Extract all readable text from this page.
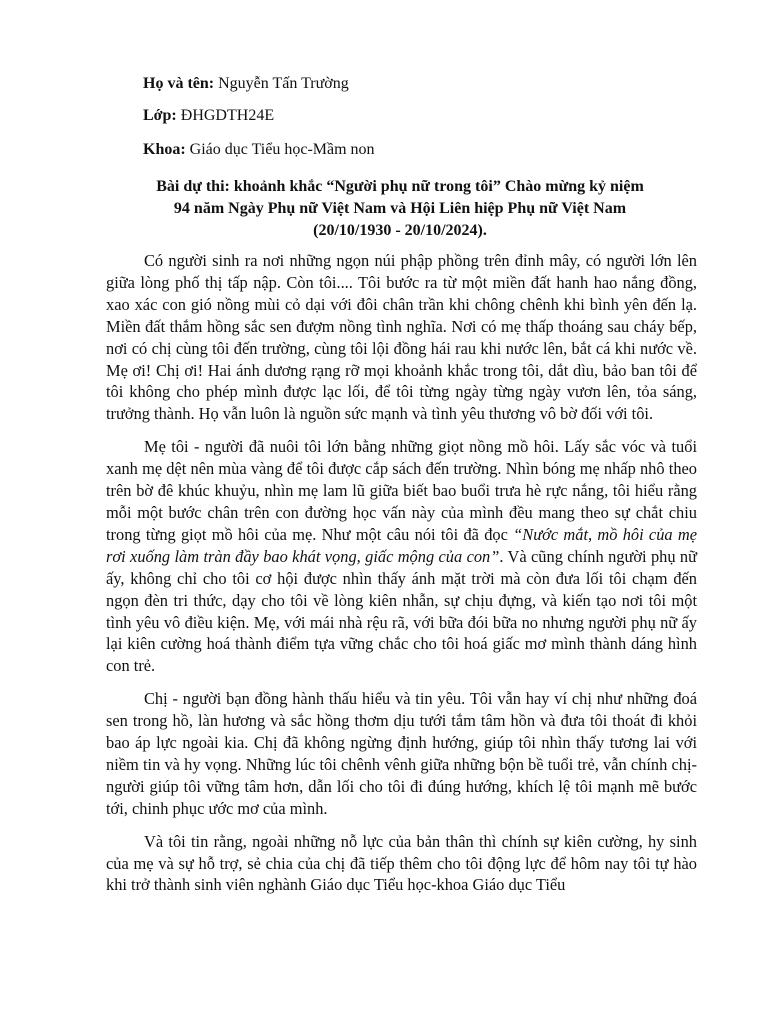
Họ và tên: Nguyễn Tấn Trường
Lớp: ĐHGDTH24E
Khoa: Giáo dục Tiểu học-Mầm non
Bài dự thi: khoảnh khắc “Người phụ nữ trong tôi” Chào mừng kỷ niệm
94 năm Ngày Phụ nữ Việt Nam và Hội Liên hiệp Phụ nữ Việt Nam
(20/10/1930 - 20/10/2024).

Có người sinh ra nơi những ngọn núi phập phồng trên đỉnh mây, có người lớn lên giữa lòng phố thị tấp nập. Còn tôi.... Tôi bước ra từ một miền đất hanh hao nắng đồng, xao xác con gió nồng mùi cỏ dại với đôi chân trần khi chông chênh khi bình yên đến lạ. Miền đất thắm hồng sắc sen đượm nồng tình nghĩa. Nơi có mẹ thấp thoáng sau cháy bếp, nơi có chị cùng tôi đến trường, cùng tôi lội đồng hái rau khi nước lên, bắt cá khi nước về. Mẹ ơi! Chị ơi! Hai ánh dương rạng rỡ mọi khoảnh khắc trong tôi, dắt dìu, bảo ban tôi để tôi không cho phép mình được lạc lối, để tôi từng ngày từng ngày vươn lên, tỏa sáng, trưởng thành. Họ vẫn luôn là nguồn sức mạnh và tình yêu thương vô bờ đối với tôi.

Mẹ tôi - người đã nuôi tôi lớn bằng những giọt nồng mồ hôi. Lấy sắc vóc và tuổi xanh mẹ dệt nên mùa vàng để tôi được cắp sách đến trường. Nhìn bóng mẹ nhấp nhô theo trên bờ đê khúc khuỷu, nhìn mẹ lam lũ giữa biết bao buổi trưa hè rực nắng, tôi hiểu rằng mỗi một bước chân trên con đường học vấn này của mình đều mang theo sự chắt chiu trong từng giọt mồ hôi của mẹ. Như một câu nói tôi đã đọc “Nước mắt, mồ hôi của mẹ rơi xuống làm tràn đầy bao khát vọng, giấc mộng của con”. Và cũng chính người phụ nữ ấy, không chỉ cho tôi cơ hội được nhìn thấy ánh mặt trời mà còn đưa lối tôi chạm đến ngọn đèn tri thức, dạy cho tôi về lòng kiên nhẫn, sự chịu đựng, và kiến tạo nơi tôi một tình yêu vô điều kiện. Mẹ, với mái nhà rệu rã, với bữa đói bữa no nhưng người phụ nữ ấy lại kiên cường hoá thành điểm tựa vững chắc cho tôi hoá giấc mơ mình thành dáng hình con trẻ.

Chị - người bạn đồng hành thấu hiểu và tin yêu. Tôi vẫn hay ví chị như những đoá sen trong hồ, làn hương và sắc hồng thơm dịu tưới tắm tâm hồn và đưa tôi thoát đi khỏi bao áp lực ngoài kia. Chị đã không ngừng định hướng, giúp tôi nhìn thấy tương lai với niềm tin và hy vọng. Những lúc tôi chênh vênh giữa những bộn bề tuổi trẻ, vẫn chính chị-người giúp tôi vững tâm hơn, dẫn lối cho tôi đi đúng hướng, khích lệ tôi mạnh mẽ bước tới, chinh phục ước mơ của mình.

Và tôi tin rằng, ngoài những nỗ lực của bản thân thì chính sự kiên cường, hy sinh của mẹ và sự hỗ trợ, sẻ chia của chị đã tiếp thêm cho tôi động lực để hôm nay tôi tự hào khi trở thành sinh viên nghành Giáo dục Tiểu học-khoa Giáo dục Tiểu
